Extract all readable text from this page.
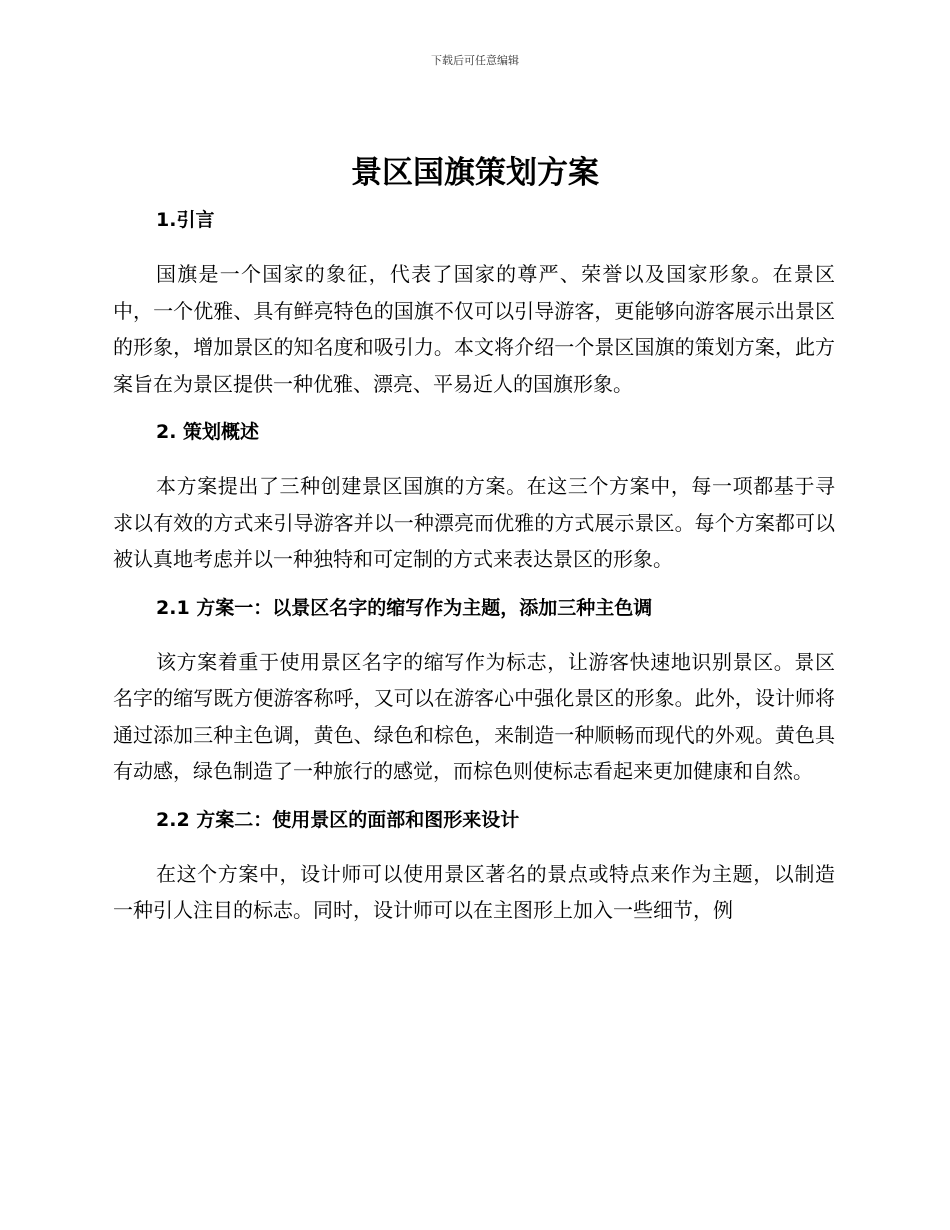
下载后可任意编辑
景区国旗策划方案
1.引言

国旗是一个国家的象征，代表了国家的尊严、荣誉以及国家形象。在景区中，一个优雅、具有鲜亮特色的国旗不仅可以引导游客，更能够向游客展示出景区的形象，增加景区的知名度和吸引力。本文将介绍一个景区国旗的策划方案，此方案旨在为景区提供一种优雅、漂亮、平易近人的国旗形象。

2. 策划概述

本方案提出了三种创建景区国旗的方案。在这三个方案中，每一项都基于寻求以有效的方式来引导游客并以一种漂亮而优雅的方式展示景区。每个方案都可以被认真地考虑并以一种独特和可定制的方式来表达景区的形象。

2.1 方案一：以景区名字的缩写作为主题，添加三种主色调

该方案着重于使用景区名字的缩写作为标志，让游客快速地识别景区。景区名字的缩写既方便游客称呼，又可以在游客心中强化景区的形象。此外，设计师将通过添加三种主色调，黄色、绿色和棕色，来制造一种顺畅而现代的外观。黄色具有动感，绿色制造了一种旅行的感觉，而棕色则使标志看起来更加健康和自然。

2.2 方案二：使用景区的面部和图形来设计

在这个方案中，设计师可以使用景区著名的景点或特点来作为主题，以制造一种引人注目的标志。同时，设计师可以在主图形上加入一些细节，例
